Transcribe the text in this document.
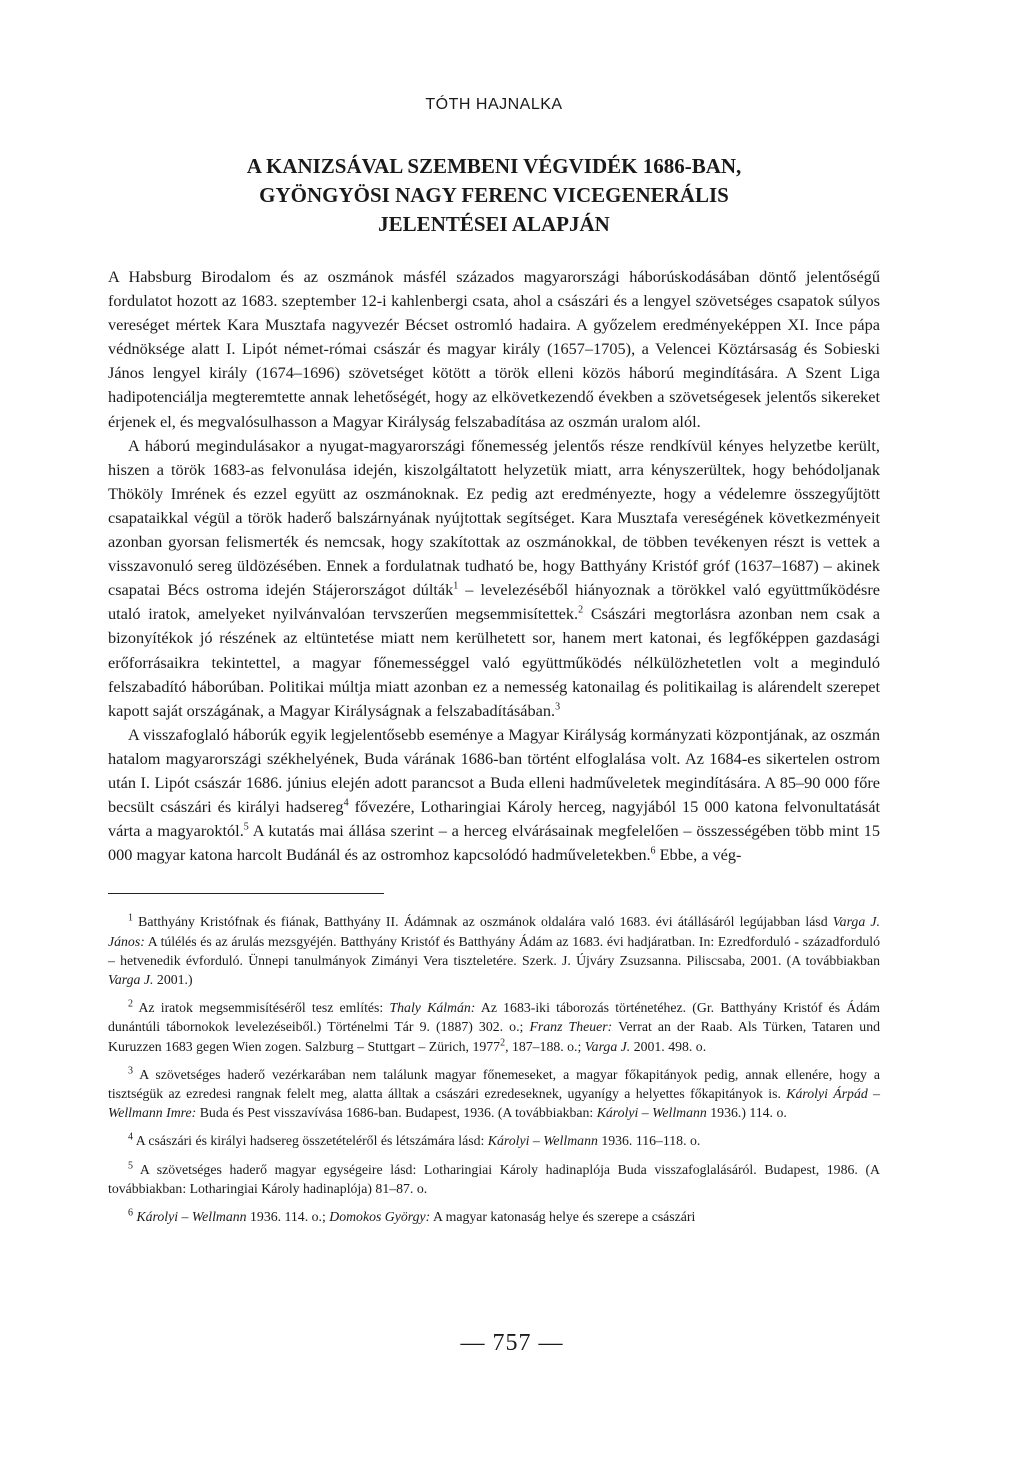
TÓTH HAJNALKA
A KANIZSÁVAL SZEMBENI VÉGVIDÉK 1686-BAN,
GYÖNGYÖSI NAGY FERENC VICEGENERÁLIS
JELENTÉSEI ALAPJÁN

A Habsburg Birodalom és az oszmánok másfél százados magyarországi háborúskodásában döntő jelentőségű fordulatot hozott az 1683. szeptember 12-i kahlenbergi csata, ahol a császári és a lengyel szövetséges csapatok súlyos vereséget mértek Kara Musztafa nagyvezér Bécset ostromló hadaira. A győzelem eredményeképpen XI. Ince pápa védnöksége alatt I. Lipót német-római császár és magyar király (1657–1705), a Velencei Köztársaság és Sobieski János lengyel király (1674–1696) szövetséget kötött a török elleni közös háború megindítására. A Szent Liga hadipotenciálja megteremtette annak lehetőségét, hogy az elkövetkezendő években a szövetségesek jelentős sikereket érjenek el, és megvalósulhasson a Magyar Királyság felszabadítása az oszmán uralom alól.

A háború megindulásakor a nyugat-magyarországi főnemesség jelentős része rendkívül kényes helyzetbe került, hiszen a török 1683-as felvonulása idején, kiszolgáltatott helyzetük miatt, arra kényszerültek, hogy behódoljanak Thököly Imrének és ezzel együtt az oszmánoknak. Ez pedig azt eredményezte, hogy a védelemre összegyűjtött csapataikkal végül a török haderő balszárnyának nyújtottak segítséget. Kara Musztafa vereségének következményeit azonban gyorsan felismerték és nemcsak, hogy szakítottak az oszmánokkal, de többen tevékenyen részt is vettek a visszavonuló sereg üldözésében. Ennek a fordulatnak tudható be, hogy Batthyány Kristóf gróf (1637–1687) – akinek csapatai Bécs ostroma idején Stájerországot dúlták$^1$ – levelezéséből hiányoznak a törökkel való együttműködésre utaló iratok, amelyeket nyilvánvalóan tervszerűen megsemmisítettek.$^2$ Császári megtorlásra azonban nem csak a bizonyítékok jó részének az eltüntetése miatt nem kerülhetett sor, hanem mert katonai, és legfőképpen gazdasági erőforrásaikra tekintettel, a magyar főnemességgel való együttműködés nélkülözhetetlen volt a meginduló felszabadító háborúban. Politikai múltja miatt azonban ez a nemesség katonailag és politikailag is alárendelt szerepet kapott saját országának, a Magyar Királyságnak a felszabadításában.$^3$

A visszafoglaló háborúk egyik legjelentősebb eseménye a Magyar Királyság kormányzati központjának, az oszmán hatalom magyarországi székhelyének, Buda várának 1686-ban történt elfoglalása volt. Az 1684-es sikertelen ostrom után I. Lipót császár 1686. június elején adott parancsot a Buda elleni hadműveletek megindítására. A 85–90 000 főre becsült császári és királyi hadsereg$^4$ fővezére, Lotharingiai Károly herceg, nagyjából 15 000 katona felvonultatását várta a magyaroktól.$^5$ A kutatás mai állása szerint – a herceg elvárásainak megfelelően – összességében több mint 15 000 magyar katona harcolt Budánál és az ostromhoz kapcsolódó hadműveletekben.$^6$ Ebbe, a vég-

$^1$ Batthyány Kristófnak és fiának, Batthyány II. Ádámnak az oszmánok oldalára való 1683. évi átállásáról legújabban lásd Varga J. János: A túlélés és az árulás mezsgyéjén. Batthyány Kristóf és Batthyány Ádám az 1683. évi hadjáratban. In: Ezredforduló - századforduló – hetvenedik évforduló. Ünnepi tanulmányok Zimányi Vera tiszteletére. Szerk. J. Újváry Zsuzsanna. Piliscsaba, 2001. (A továbbiakban Varga J. 2001.)
$^2$ Az iratok megsemmisítéséről tesz említés: Thaly Kálmán: Az 1683-iki táborozás történetéhez. (Gr. Batthyány Kristóf és Ádám dunántúli tábornokok levelezéseiből.) Történelmi Tár 9. (1887) 302. o.; Franz Theuer: Verrat an der Raab. Als Türken, Tataren und Kuruzzen 1683 gegen Wien zogen. Salzburg – Stuttgart – Zürich, 1977$^2$, 187–188. o.; Varga J. 2001. 498. o.
$^3$ A szövetséges haderő vezérkarában nem találunk magyar főnemeseket, a magyar főkapitányok pedig, annak ellenére, hogy a tisztségük az ezredesi rangnak felelt meg, alatta álltak a császári ezredeseknek, ugyanígy a helyettes főkapitányok is. Károlyi Árpád – Wellmann Imre: Buda és Pest visszavívása 1686-ban. Budapest, 1936. (A továbbiakban: Károlyi – Wellmann 1936.) 114. o.
$^4$ A császári és királyi hadsereg összetételéről és létszámára lásd: Károlyi – Wellmann 1936. 116–118. o.
$^5$ A szövetséges haderő magyar egységeire lásd: Lotharingiai Károly hadinaplója Buda visszafoglalásáról. Budapest, 1986. (A továbbiakban: Lotharingiai Károly hadinaplója) 81–87. o.
$^6$ Károlyi – Wellmann 1936. 114. o.; Domokos György: A magyar katonaság helye és szerepe a császári
— 757 —
